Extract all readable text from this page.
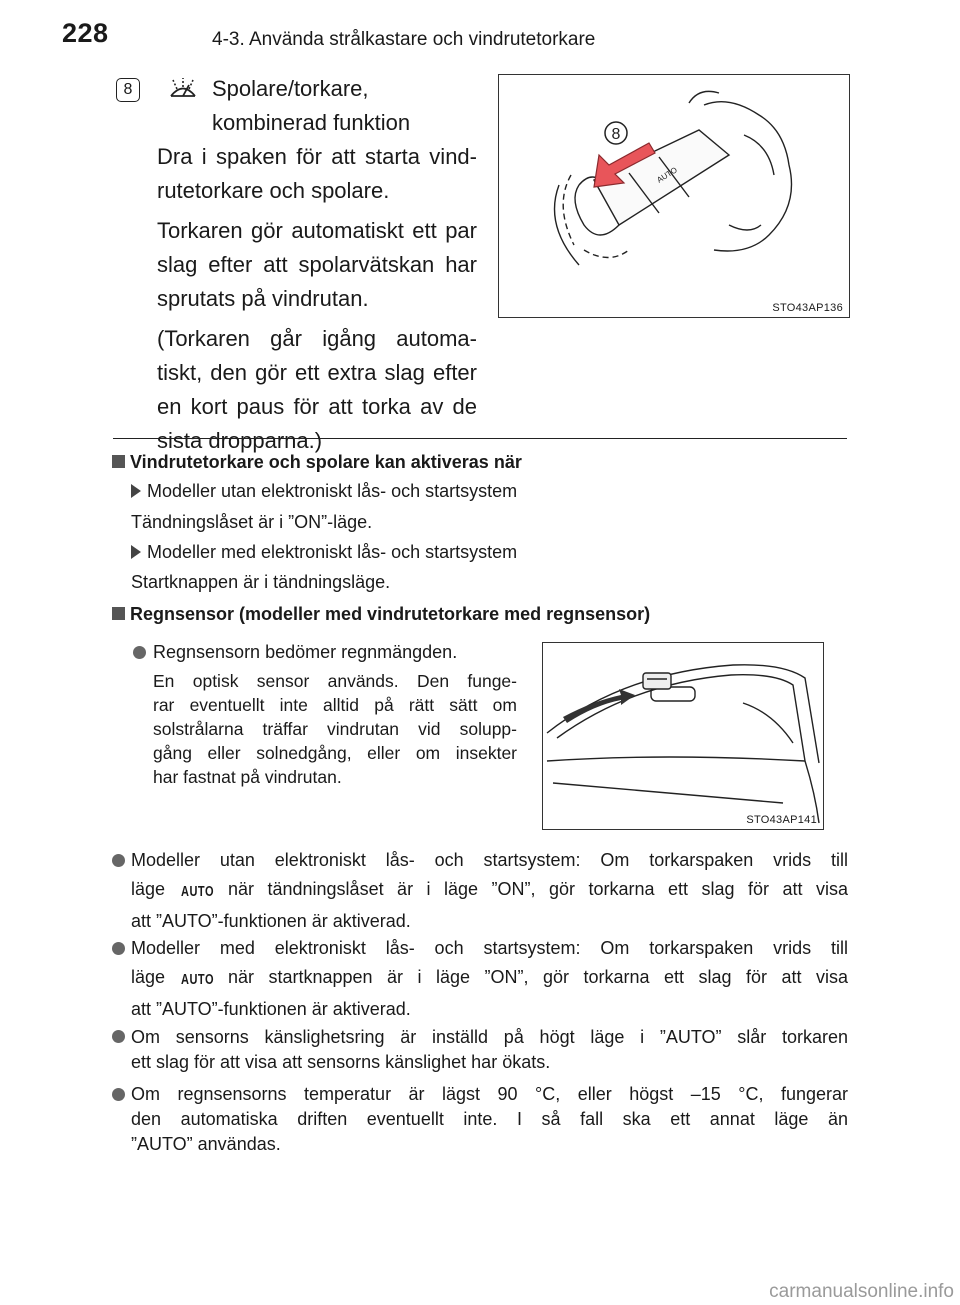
228	4-3. Använda strålkastare och vindrutetorkare
8	Spolare/torkare,
kombinerad funktion
Dra i spaken för att starta vind-
rutetorkare och spolare.
Torkaren gör automatiskt ett par
slag efter att spolarvätskan har
sprutats på vindrutan.
(Torkaren går igång automa-
tiskt, den gör ett extra slag efter
en kort paus för att torka av de
sista dropparna.)
8
AUTO
STO43AP136
Vindrutetorkare och spolare kan aktiveras när
Modeller utan elektroniskt lås- och startsystem
Tändningslåset är i ”ON”-läge.
Modeller med elektroniskt lås- och startsystem
Startknappen är i tändningsläge.
Regnsensor (modeller med vindrutetorkare med regnsensor)
Regnsensorn bedömer regnmängden.
En optisk sensor används. Den funge-
rar eventuellt inte alltid på rätt sätt om
solstrålarna träffar vindrutan vid solupp-
gång eller solnedgång, eller om insekter
har fastnat på vindrutan.
STO43AP141
Modeller utan elektroniskt lås- och startsystem: Om torkarspaken vrids till
läge AUTO när tändningslåset är i läge ”ON”, gör torkarna ett slag för att visa
att ”AUTO”-funktionen är aktiverad.
Modeller med elektroniskt lås- och startsystem: Om torkarspaken vrids till
läge AUTO när startknappen är i läge ”ON”, gör torkarna ett slag för att visa
att ”AUTO”-funktionen är aktiverad.
Om sensorns känslighetsring är inställd på högt läge i ”AUTO” slår torkaren
ett slag för att visa att sensorns känslighet har ökats.
Om regnsensorns temperatur är lägst 90 °C, eller högst –15 °C, fungerar
den automatiska driften eventuellt inte. I så fall ska ett annat läge än
”AUTO” användas.
carmanualsonline.info
